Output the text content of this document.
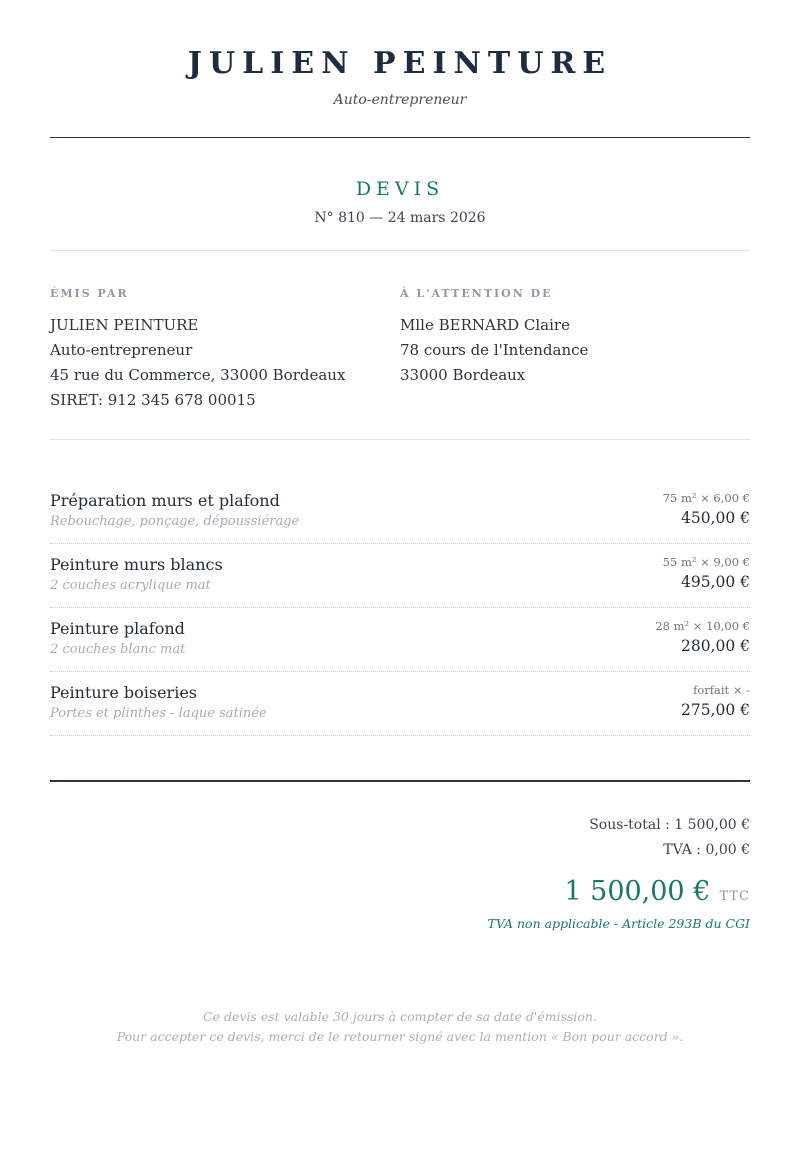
JULIEN PEINTURE
Auto-entrepreneur
DEVIS
N° 810 — 24 mars 2026
ÉMIS PAR
JULIEN PEINTURE
Auto-entrepreneur
45 rue du Commerce, 33000 Bordeaux
SIRET: 912 345 678 00015
À L'ATTENTION DE
Mlle BERNARD Claire
78 cours de l'Intendance
33000 Bordeaux
Préparation murs et plafond
Rebouchage, ponçage, dépoussiérage
75 m² × 6,00 €
450,00 €
Peinture murs blancs
2 couches acrylique mat
55 m² × 9,00 €
495,00 €
Peinture plafond
2 couches blanc mat
28 m² × 10,00 €
280,00 €
Peinture boiseries
Portes et plinthes - laque satinée
forfait × -
275,00 €
Sous-total : 1 500,00 €
TVA : 0,00 €
1 500,00 € TTC
TVA non applicable - Article 293B du CGI
Ce devis est valable 30 jours à compter de sa date d'émission.
Pour accepter ce devis, merci de le retourner signé avec la mention « Bon pour accord ».
